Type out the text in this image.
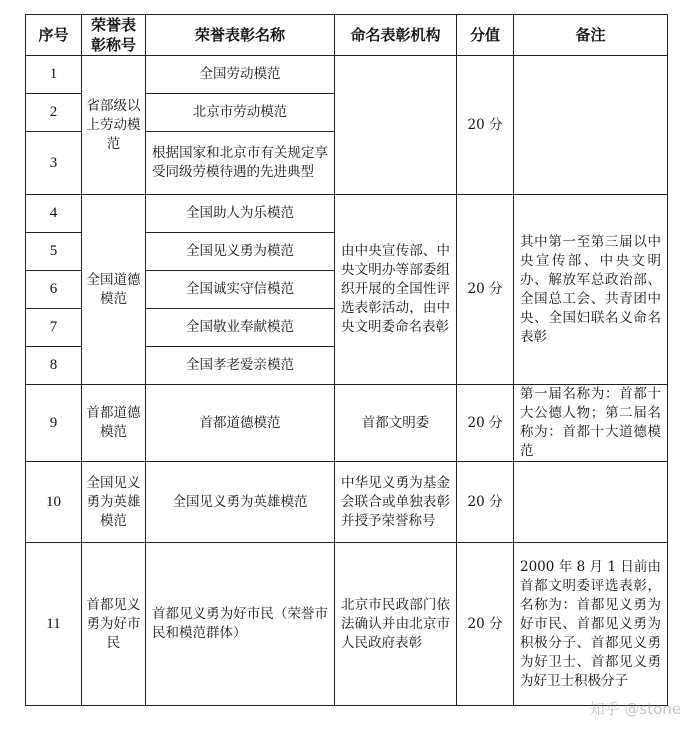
序号	荣誉表彰称号	荣誉表彰名称	命名表彰机构	分值	备注
1	省部级以上劳动模范	全国劳动模范		20 分	
2		北京市劳动模范			
3		根据国家和北京市有关规定享受同级劳模待遇的先进典型			
4	全国道德模范	全国助人为乐模范	由中央宣传部、中央文明办等部委组织开展的全国性评选表彰活动，由中央文明委命名表彰	20 分	其中第一至第三届以中央宣传部、中央文明办、解放军总政治部、全国总工会、共青团中央、全国妇联名义命名表彰
5		全国见义勇为模范			
6		全国诚实守信模范			
7		全国敬业奉献模范			
8		全国孝老爱亲模范			
9	首都道德模范	首都道德模范	首都文明委	20 分	第一届名称为：首都十大公德人物；第二届名称为：首都十大道德模范
10	全国见义勇为英雄模范	全国见义勇为英雄模范	中华见义勇为基金会联合或单独表彰并授予荣誉称号	20 分	
11	首都见义勇为好市民	首都见义勇为好市民（荣誉市民和模范群体）	北京市民政部门依法确认并由北京市人民政府表彰	20 分	2000 年 8 月 1 日前由首都文明委评选表彰，名称为：首都见义勇为好市民、首都见义勇为积极分子、首都见义勇为好卫士、首都见义勇为好卫士积极分子
知乎 @stone
